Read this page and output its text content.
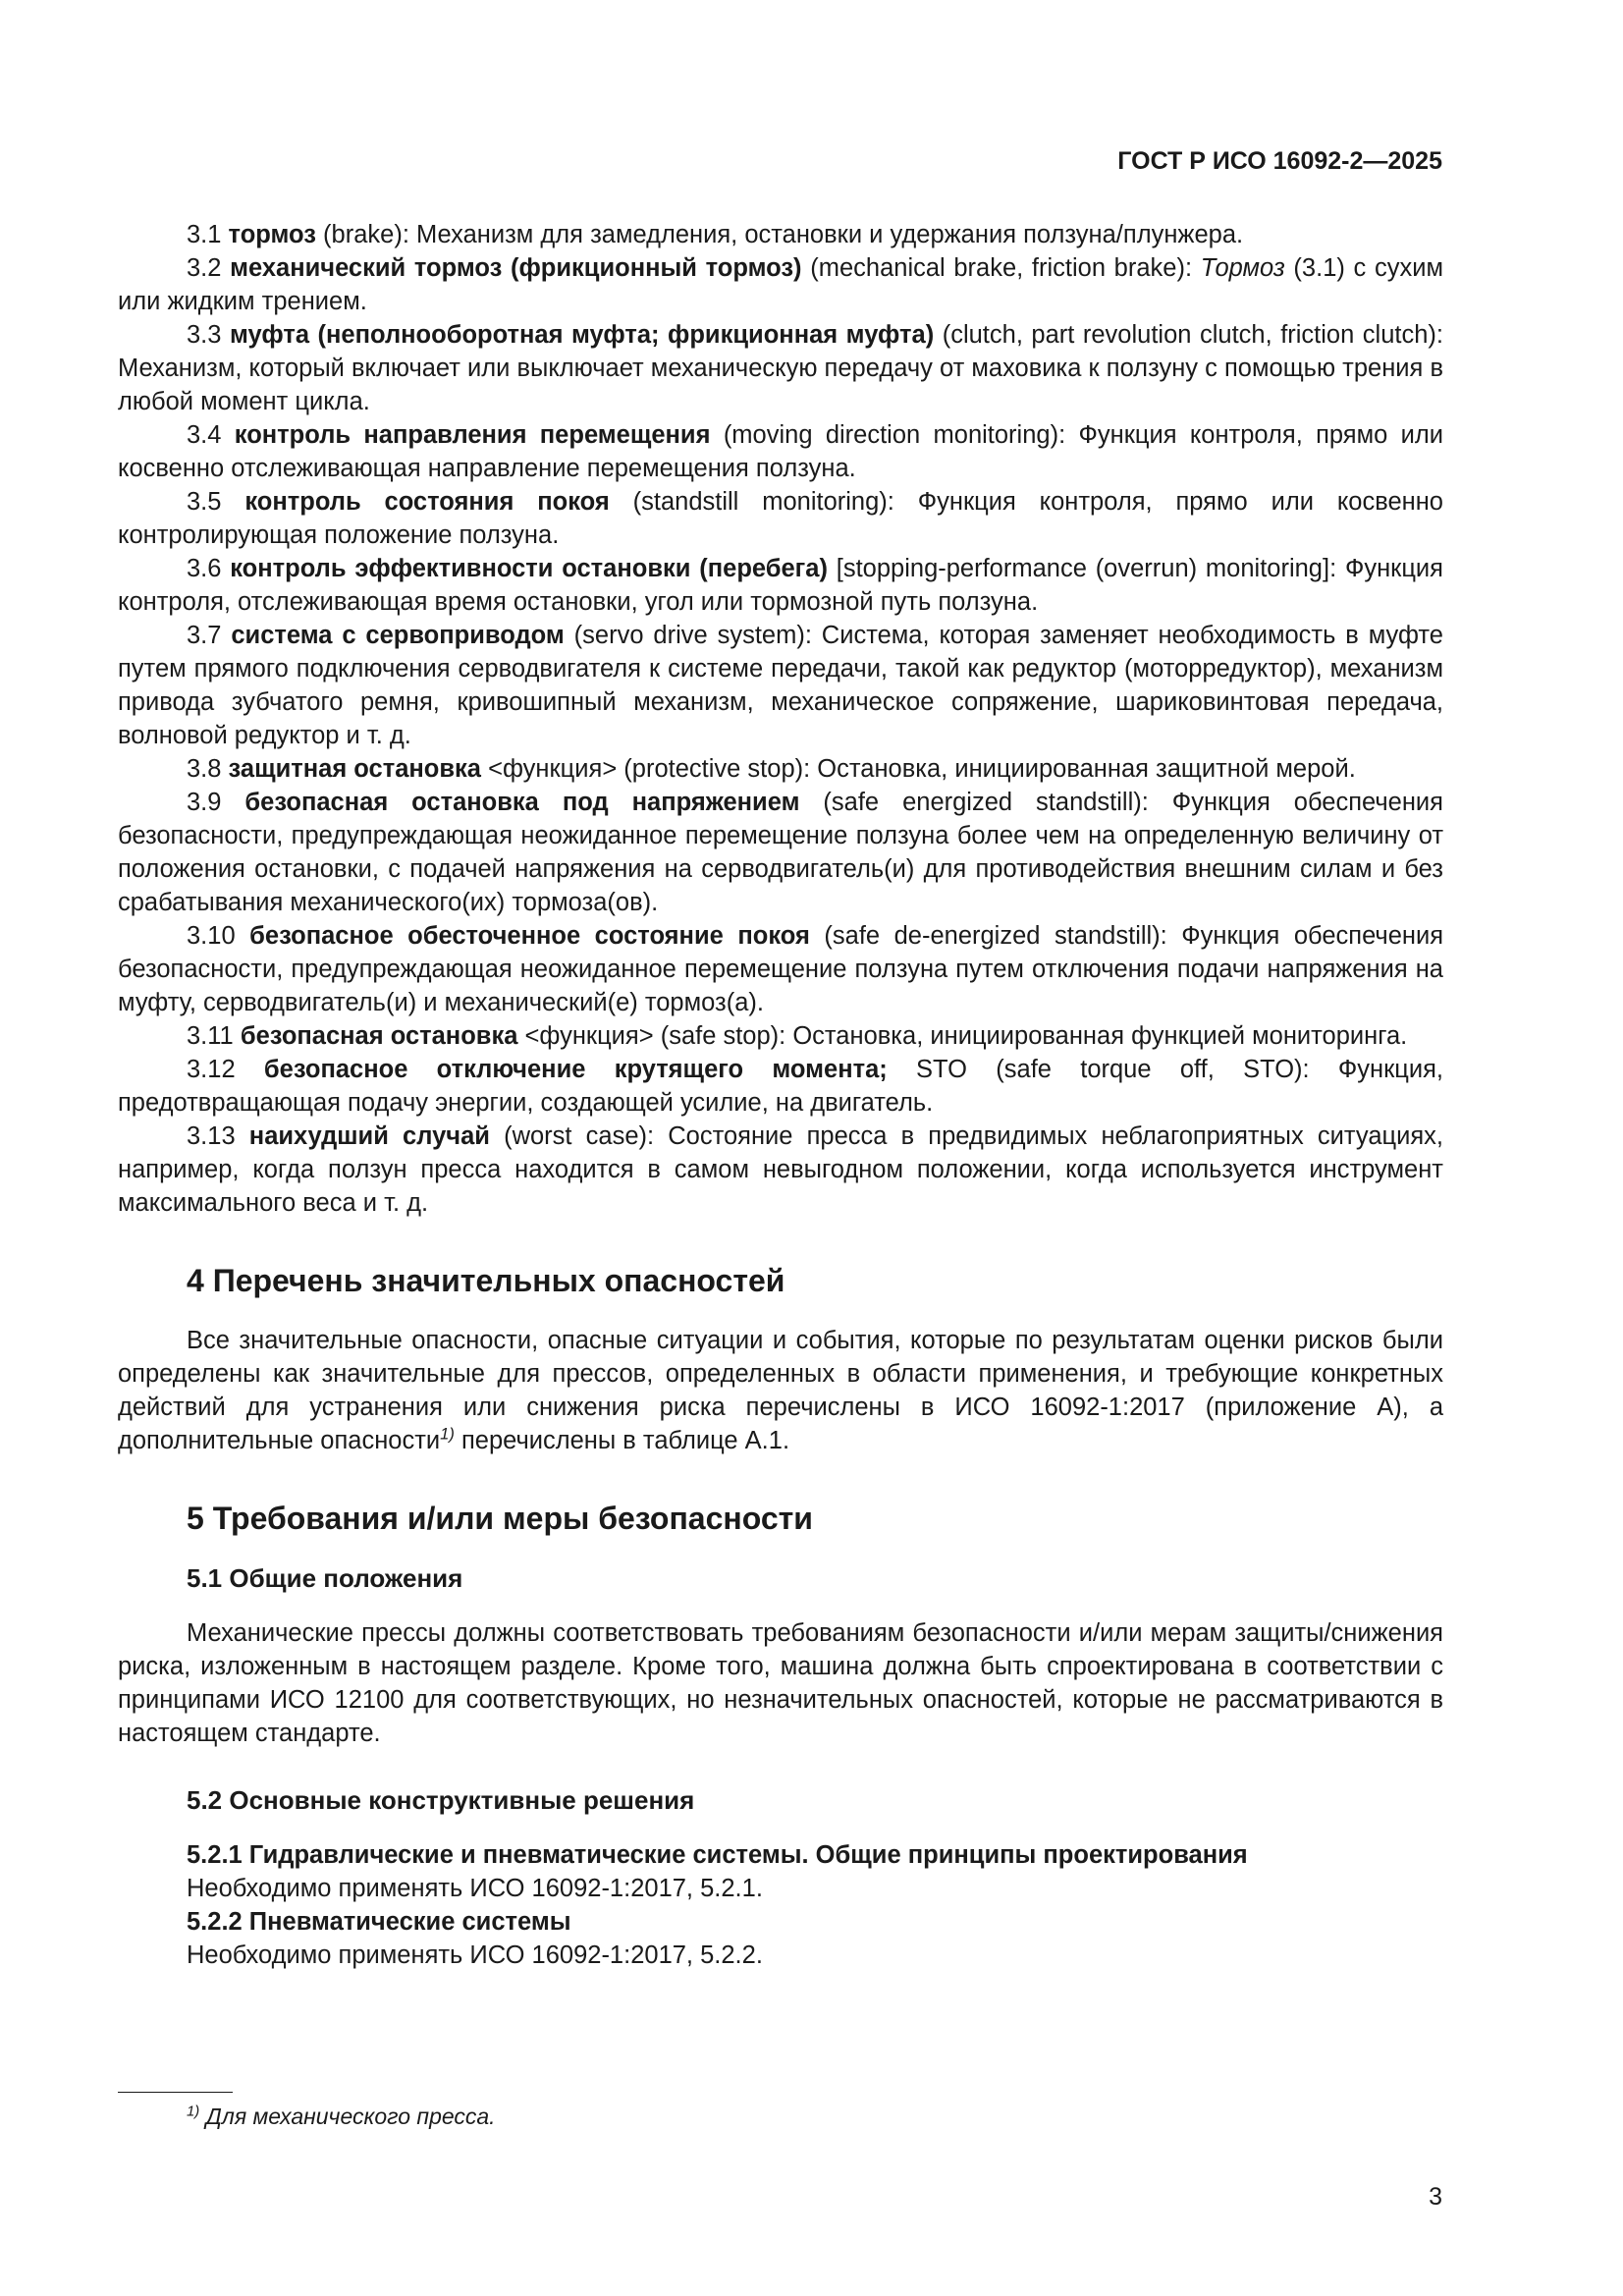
ГОСТ Р ИСО 16092-2—2025

3.1 тормоз (brake): Механизм для замедления, остановки и удержания ползуна/плунжера.

3.2 механический тормоз (фрикционный тормоз) (mechanical brake, friction brake): Тормоз (3.1) с сухим или жидким трением.

3.3 муфта (неполнооборотная муфта; фрикционная муфта) (clutch, part revolution clutch, friction clutch): Механизм, который включает или выключает механическую передачу от маховика к ползуну с помощью трения в любой момент цикла.

3.4 контроль направления перемещения (moving direction monitoring): Функция контроля, прямо или косвенно отслеживающая направление перемещения ползуна.

3.5 контроль состояния покоя (standstill monitoring): Функция контроля, прямо или косвенно контролирующая положение ползуна.

3.6 контроль эффективности остановки (перебега) [stopping-performance (overrun) monitoring]: Функция контроля, отслеживающая время остановки, угол или тормозной путь ползуна.

3.7 система с сервоприводом (servo drive system): Система, которая заменяет необходимость в муфте путем прямого подключения серводвигателя к системе передачи, такой как редуктор (моторредуктор), механизм привода зубчатого ремня, кривошипный механизм, механическое сопряжение, шариковинтовая передача, волновой редуктор и т. д.

3.8 защитная остановка <функция> (protective stop): Остановка, инициированная защитной мерой.

3.9 безопасная остановка под напряжением (safe energized standstill): Функция обеспечения безопасности, предупреждающая неожиданное перемещение ползуна более чем на определенную величину от положения остановки, с подачей напряжения на серводвигатель(и) для противодействия внешним силам и без срабатывания механического(их) тормоза(ов).

3.10 безопасное обесточенное состояние покоя (safe de-energized standstill): Функция обеспечения безопасности, предупреждающая неожиданное перемещение ползуна путем отключения подачи напряжения на муфту, серводвигатель(и) и механический(е) тормоз(а).

3.11 безопасная остановка <функция> (safe stop): Остановка, инициированная функцией мониторинга.

3.12 безопасное отключение крутящего момента; STO (safe torque off, STO): Функция, предотвращающая подачу энергии, создающей усилие, на двигатель.

3.13 наихудший случай (worst case): Состояние пресса в предвидимых неблагоприятных ситуациях, например, когда ползун пресса находится в самом невыгодном положении, когда используется инструмент максимального веса и т. д.

4 Перечень значительных опасностей

Все значительные опасности, опасные ситуации и события, которые по результатам оценки рисков были определены как значительные для прессов, определенных в области применения, и требующие конкретных действий для устранения или снижения риска перечислены в ИСО 16092-1:2017 (приложение А), а дополнительные опасности$^{1)}$ перечислены в таблице А.1.

5 Требования и/или меры безопасности

5.1 Общие положения

Механические прессы должны соответствовать требованиям безопасности и/или мерам защиты/снижения риска, изложенным в настоящем разделе. Кроме того, машина должна быть спроектирована в соответствии с принципами ИСО 12100 для соответствующих, но незначительных опасностей, которые не рассматриваются в настоящем стандарте.

5.2 Основные конструктивные решения

5.2.1 Гидравлические и пневматические системы. Общие принципы проектирования

Необходимо применять ИСО 16092-1:2017, 5.2.1.

5.2.2 Пневматические системы

Необходимо применять ИСО 16092-1:2017, 5.2.2.

$^{1)}$ Для механического пресса.
3
